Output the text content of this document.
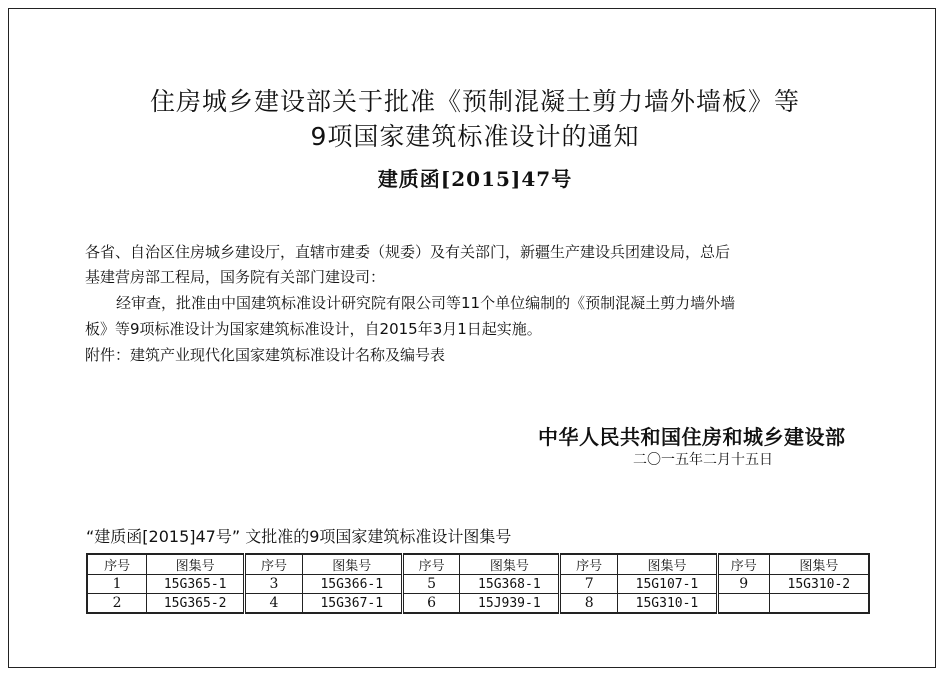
住房城乡建设部关于批准《预制混凝土剪力墙外墙板》等
9项国家建筑标准设计的通知
建质函[2015]47号
各省、自治区住房城乡建设厅，直辖市建委（规委）及有关部门，新疆生产建设兵团建设局，总后
基建营房部工程局，国务院有关部门建设司：
经审查，批准由中国建筑标准设计研究院有限公司等11个单位编制的《预制混凝土剪力墙外墙
板》等9项标准设计为国家建筑标准设计，自2015年3月1日起实施。
附件：建筑产业现代化国家建筑标准设计名称及编号表
中华人民共和国住房和城乡建设部
二〇一五年二月十五日
“建质函[2015]47号” 文批准的9项国家建筑标准设计图集号
序号	图集号	序号	图集号	序号	图集号	序号	图集号	序号	图集号
1	15G365-1	3	15G366-1	5	15G368-1	7	15G107-1	9	15G310-2
2	15G365-2	4	15G367-1	6	15J939-1	8	15G310-1		
